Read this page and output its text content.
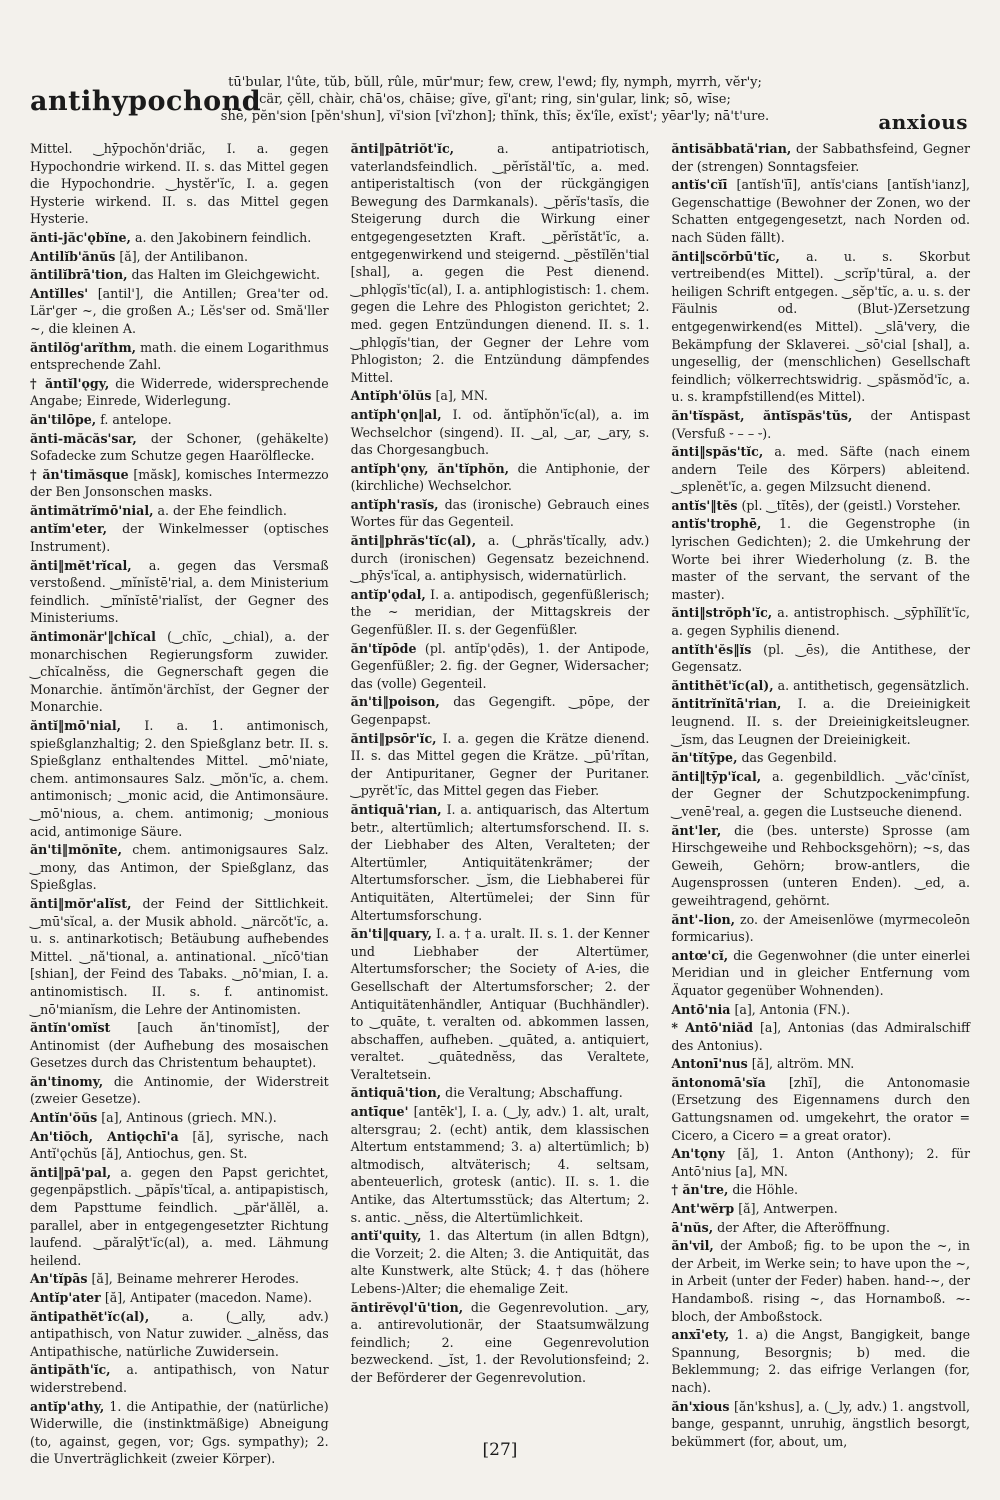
antihypochond
tū'bular, l'ûte, tŭb, bŭll, rûle, mūr'mur; few, crew, l'ewd; fly, nymph, myrrh, vĕr'y;
cär, çĕll, chàir, chā'os, chāise; gĭve, gĭ'ant; ring, sin'gular, link; sō, wīse;
shē, pĕn'sion [pĕn'shun], vĭ'sion [vĭ'zhon]; thĭnk, thĭs; ĕx'île, exĭst'; yēar'ly; nā't'ure.	anxious
Mittel. ‿hȳpochŏn'driăc, I. a. gegen Hypochondrie wirkend. II. s. das Mittel gegen die Hypochondrie. ‿hystĕr'ĭc, I. a. gegen Hysterie wirkend. II. s. das Mittel gegen Hysterie.
ănti-jăc'ǫbĭne, a. den Jakobinern feindlich.
Antilĭb'ănŭs [ă], der Antilibanon.
ăntilĭbrā'tion, das Halten im Gleichgewicht.
Antĭlles' [antil'], die Antillen; Grea'ter od. Lär'ger ~, die großen A.; Lĕs'ser od. Smă'ller ~, die kleinen A.
ăntilŏg'arĭthm, math. die einem Logarithmus entsprechende Zahl.
† ăntĭl'ǫgy, die Widerrede, widersprechende Angabe; Einrede, Widerlegung.
ăn'tilōpe, f. antelope.
ănti-măcăs'sar, der Schoner, (gehäkelte) Sofadecke zum Schutze gegen Haarölflecke.
† ăn'timăsque [măsk], komisches Intermezzo der Ben Jonsonschen masks.
ăntimătrĭmō'nial, a. der Ehe feindlich.
antĭm'eter, der Winkelmesser (optisches Instrument).
ănti‖mĕt'rĭcal, a. gegen das Versmaß verstoßend. ‿mĭnĭstē'rial, a. dem Ministerium feindlich. ‿mĭnĭstē'rialĭst, der Gegner des Ministeriums.
ăntimonär'‖chĭcal (‿chĭc, ‿chial), a. der monarchischen Regierungsform zuwider. ‿chĭcalnĕss, die Gegnerschaft gegen die Monarchie. ăntĭmŏn'ärchĭst, der Gegner der Monarchie.
ăntĭ‖mō'nial, I. a. 1. antimonisch, spießglanzhaltig; 2. den Spießglanz betr. II. s. Spießglanz enthaltendes Mittel. ‿mō'niate, chem. antimonsaures Salz. ‿mŏn'ĭc, a. chem. antimonisch; ‿monic acid, die Antimonsäure. ‿mō'nious, a. chem. antimonig; ‿monious acid, antimonige Säure.
ăn'ti‖mŏnīte, chem. antimonigsaures Salz. ‿mony, das Antimon, der Spießglanz, das Spießglas.
ănti‖mŏr'alĭst, der Feind der Sittlichkeit. ‿mū'sĭcal, a. der Musik abhold. ‿närcŏt'ĭc, a. u. s. antinarkotisch; Betäubung aufhebendes Mittel. ‿nă'tional, a. antinational. ‿nĭcō'tian [shian], der Feind des Tabaks. ‿nō'mian, I. a. antinomistisch. II. s. f. antinomist. ‿nō'mianĭsm, die Lehre der Antinomisten.
ăntĭn'omĭst [auch ăn'tinomĭst], der Antinomist (der Aufhebung des mosaischen Gesetzes durch das Christentum behauptet).
ăn'tinomy, die Antinomie, der Widerstreit (zweier Gesetze).
Antĭn'ŏŭs [a], Antinous (griech. MN.).
An'tiŏch, Antiǫchī'a [ă], syrische, nach Antĭ'ǫchŭs [ă], Antiochus, gen. St.
ănti‖pā'pal, a. gegen den Papst gerichtet, gegenpäpstlich. ‿păpĭs'tĭcal, a. antipapistisch, dem Papsttume feindlich. ‿păr'ăllĕl, a. parallel, aber in entgegengesetzter Richtung laufend. ‿păralȳt'ĭc(al), a. med. Lähmung heilend.
An'tĭpās [ă], Beiname mehrerer Herodes.
Antĭp'ater [ă], Antipater (macedon. Name).
ăntipathĕt'ĭc(al),	a. (‿ally, adv.) antipathisch, von Natur zuwider. ‿alnĕss, das Antipathische, natürliche Zuwidersein.
ăntipăth'ĭc, a. antipathisch, von Natur widerstrebend.
antĭp'athy, 1. die Antipathie, der (natürliche) Widerwille, die (instinktmäßige) Abneigung (to, against, gegen, vor; Ggs. sympathy); 2. die Unverträglichkeit (zweier Körper).
ănti‖pātriŏt'ĭc,	a. antipatriotisch, vaterlandsfeindlich. ‿pĕrĭstăl'tĭc, a. med. antiperistaltisch (von der rückgängigen Bewegung des Darmkanals). ‿pĕrĭs'tasĭs, die Steigerung durch die Wirkung einer entgegengesetzten Kraft. ‿pĕrĭstăt'ĭc, a. entgegenwirkend und steigernd. ‿pĕstĭlĕn'tial [shal], a. gegen die Pest dienend. ‿phlǫgĭs'tĭc(al), I. a. antiphlogistisch: 1. chem. gegen die Lehre des Phlogiston gerichtet; 2. med. gegen Entzündungen dienend. II. s. 1. ‿phlǫgĭs'tian, der Gegner der Lehre vom Phlogiston; 2. die Entzündung dämpfendes Mittel.
Antĭph'ŏlŭs [a], MN.
antĭph'ǫn‖al, I. od. ăntĭphŏn'ĭc(al), a. im Wechselchor (singend). II. ‿al, ‿ar, ‿ary, s. das Chorgesangbuch.
antĭph'ǫny, ăn'tĭphŏn, die Antiphonie, der (kirchliche) Wechselchor.
antĭph'rasĭs, das (ironische) Gebrauch eines Wortes für das Gegenteil.
ănti‖phrăs'tĭc(al), a. (‿phrăs'tĭcally, adv.) durch (ironischen) Gegensatz bezeichnend. ‿phȳs'ĭcal, a. antiphysisch, widernatürlich.
antĭp'ǫdal, I. a. antipodisch, gegenfüßlerisch; the ~ meridian, der Mittagskreis der Gegenfüßler. II. s. der Gegenfüßler.
ăn'tĭpōde (pl. antĭp'ǫdēs), 1. der Antipode, Gegenfüßler; 2. fig. der Gegner, Widersacher; das (volle) Gegenteil.
ăn'ti‖poison, das Gegengift. ‿pōpe, der Gegenpapst.
ănti‖psōr'ĭc, I. a. gegen die Krätze dienend. II. s. das Mittel gegen die Krätze. ‿pū'rĭtan, der Antipuritaner, Gegner der Puritaner. ‿pyrĕt'ĭc, das Mittel gegen das Fieber.
ăntiquā'rian, I. a. antiquarisch, das Altertum betr., altertümlich; altertumsforschend. II. s. der Liebhaber des Alten, Veralteten; der Altertümler, Antiquitätenkrämer; der Altertumsforscher. ‿ĭsm, die Liebhaberei für Antiquitäten, Altertümelei; der Sinn für Altertumsforschung.
ăn'ti‖quary, I. a. † a. uralt. II. s. 1. der Kenner und Liebhaber der Altertümer, Altertumsforscher; the Society of A-ies, die Gesellschaft der Altertumsforscher; 2. der Antiquitätenhändler, Antiquar (Buchhändler). to ‿quāte, t. veralten od. abkommen lassen, abschaffen, aufheben. ‿quāted, a. antiquiert, veraltet. ‿quātednĕss, das Veraltete, Veraltetsein.
ăntiquā'tion, die Veraltung; Abschaffung.
antīque' [antēk'], I. a. (‿ly, adv.) 1. alt, uralt, altersgrau; 2. (echt) antik, dem klassischen Altertum entstammend; 3. a) altertümlich; b) altmodisch, altväterisch; 4. seltsam, abenteuerlich, grotesk (antic). II. s. 1. die Antike, das Altertumsstück; das Altertum; 2. s. antic. ‿nĕss, die Altertümlichkeit.
antĭ'quity, 1. das Altertum (in allen Bdtgn), die Vorzeit; 2. die Alten; 3. die Antiquität, das alte Kunstwerk, alte Stück; 4. † das (höhere Lebens-)Alter; die ehemalige Zeit.
ăntirĕvǫl'ū'tion, die Gegenrevolution. ‿ary, a. antirevolutionär, der Staatsumwälzung feindlich; 2. eine Gegenrevolution bezweckend. ‿ĭst, 1. der Revolutionsfeind; 2. der Beförderer der Gegenrevolution.
ăntisăbbată'rian, der Sabbathsfeind, Gegner der (strengen) Sonntagsfeier.
antĭs'cĭī [antĭsh'ĭī], antĭs'cians [antĭsh'ianz], Gegenschattige (Bewohner der Zonen, wo der Schatten entgegengesetzt, nach Norden od. nach Süden fällt).
ănti‖scŏrbū'tĭc, a. u. s. Skorbut vertreibend(es Mittel). ‿scrĭp'tūral, a. der heiligen Schrift entgegen. ‿sĕp'tĭc, a. u. s. der Fäulnis od. (Blut-)Zersetzung entgegenwirkend(es Mittel). ‿slā'very, die Bekämpfung der Sklaverei. ‿sō'cial [shal], a. ungesellig, der (menschlichen) Gesellschaft feindlich; völkerrechtswidrig. ‿spăsmŏd'ĭc, a. u. s. krampfstillend(es Mittel).
ăn'tĭspăst, ăntĭspăs'tŭs, der Antispast (Versfuß ⏑ – – ⏑).
ănti‖spăs'tĭc, a. med. Säfte (nach einem andern Teile des Körpers) ableitend. ‿splenĕt'ĭc, a. gegen Milzsucht dienend.
antĭs'‖tĕs (pl. ‿tĭtēs), der (geistl.) Vorsteher.
antĭs'trophē, 1. die Gegenstrophe (in lyrischen Gedichten); 2. die Umkehrung der Worte bei ihrer Wiederholung (z. B. the master of the servant, the servant of the master).
ănti‖strŏph'ĭc, a. antistrophisch. ‿sȳphĭlĭt'ĭc, a. gegen Syphilis dienend.
antĭth'ĕs‖ĭs (pl. ‿ēs), die Antithese, der Gegensatz.
ăntithĕt'ĭc(al), a. antithetisch, gegensätzlich.
ăntitrĭnĭtā'rian, I. a. die Dreieinigkeit leugnend. II. s. der Dreieinigkeitsleugner. ‿ĭsm, das Leugnen der Dreieinigkeit.
ăn'tĭtȳpe, das Gegenbild.
ănti‖tȳp'ĭcal, a. gegenbildlich. ‿văc'cĭnĭst, der Gegner der Schutzpockenimpfung. ‿venē'real, a. gegen die Lustseuche dienend.
ănt'ler, die (bes. unterste) Sprosse (am Hirschgeweihe und Rehbocksgehörn); ~s, das Geweih, Gehörn; brow-antlers, die Augensprossen (unteren Enden). ‿ed, a. geweihtragend, gehörnt.
ănt'-lion, zo. der Ameisenlöwe (myrmecoleōn formicarius).
antœ'cĭ, die Gegenwohner (die unter einerlei Meridian und in gleicher Entfernung vom Äquator gegenüber Wohnenden).
Antō'nia [a], Antonia (FN.).
* Antō'niăd [a], Antonias (das Admiralschiff des Antonius).
Antonī'nus [ă], altröm. MN.
ăntonomā'sĭa [zhĭ], die Antonomasie (Ersetzung des Eigennamens durch den Gattungsnamen od. umgekehrt, the orator = Cicero, a Cicero = a great orator).
An'tǫny [ă], 1. Anton (Anthony); 2. für Antō'nius [a], MN.
† ăn'tre, die Höhle.
Ant'wĕrp [ă], Antwerpen.
ā'nŭs, der After, die Afteröffnung.
ăn'vil, der Amboß; fig. to be upon the ~, in der Arbeit, im Werke sein; to have upon the ~, in Arbeit (unter der Feder) haben. hand-~, der Handamboß. rising ~, das Hornamboß. ~-bloch, der Amboßstock.
anxī'ety, 1. a) die Angst, Bangigkeit, bange Spannung, Besorgnis; b) med. die Beklemmung; 2. das eifrige Verlangen (for, nach).
ăn'xious [ăn'kshus], a. (‿ly, adv.) 1. angstvoll, bange, gespannt, unruhig, ängstlich besorgt, bekümmert (for, about, um,
[27]
